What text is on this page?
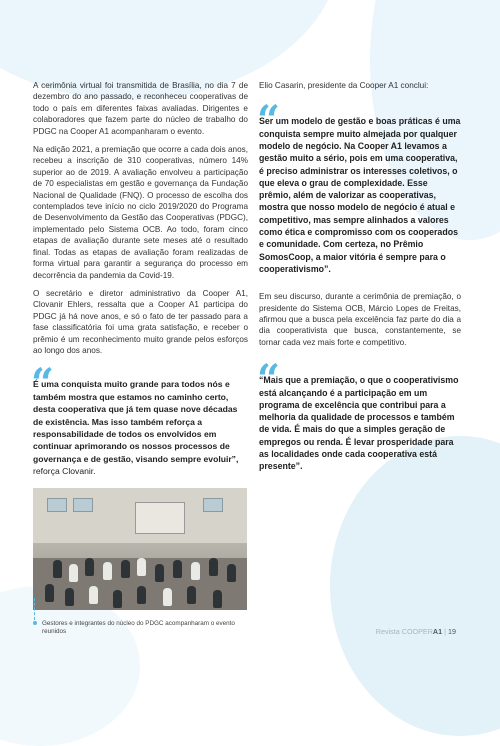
A cerimônia virtual foi transmitida de Brasília, no dia 7 de dezembro do ano passado, e reconheceu cooperativas de todo o país em diferentes faixas avaliadas. Dirigentes e colaboradores que fazem parte do núcleo de trabalho do PDGC na Cooper A1 acompanharam o evento.

Na edição 2021, a premiação que ocorre a cada dois anos, recebeu a inscrição de 310 cooperativas, número 14% superior ao de 2019. A avaliação envolveu a participação de 70 especialistas em gestão e governança da Fundação Nacional de Qualidade (FNQ). O processo de escolha dos contemplados teve início no ciclo 2019/2020 do Programa de Desenvolvimento da Gestão das Cooperativas (PDGC), implementado pelo Sistema OCB. Ao todo, foram cinco etapas de avaliação durante sete meses até o resultado final. Todas as etapas de avaliação foram realizadas de forma virtual para garantir a segurança do processo em decorrência da pandemia da Covid-19.

O secretário e diretor administrativo da Cooper A1, Clovanir Ehlers, ressalta que a Cooper A1 participa do PDGC já há nove anos, e só o fato de ter passado para a fase classificatória foi uma grata satisfação, e receber o prêmio é um reconhecimento muito grande pelos esforços ao longo dos anos.

“
É uma conquista muito grande para todos nós e também mostra que estamos no caminho certo, desta cooperativa que já tem quase nove décadas de existência. Mas isso também reforça a responsabilidade de todos os envolvidos em continuar aprimorando os nossos processos de governança e de gestão, visando sempre evoluir”, reforça Clovanir.
Gestores e integrantes do núcleo do PDGC acompanharam o evento reunidos

Elio Casarin, presidente da Cooper A1 conclui:

“
Ser um modelo de gestão e boas práticas é uma conquista sempre muito almejada por qualquer modelo de negócio. Na Cooper A1 levamos a gestão muito a sério, pois em uma cooperativa, é preciso administrar os interesses coletivos, o que eleva o grau de complexidade. Esse prêmio, além de valorizar as cooperativas, mostra que nosso modelo de negócio é atual e competitivo, mas sempre alinhados a valores como ética e compromisso com os cooperados e comunidade. Com certeza, no Prêmio SomosCoop, a maior vitória é sempre para o cooperativismo”.

Em seu discurso, durante a cerimônia de premiação, o presidente do Sistema OCB, Márcio Lopes de Freitas, afirmou que a busca pela excelência faz parte do dia a dia cooperativista que busca, constantemente, se tornar cada vez mais forte e competitivo.

“
“Mais que a premiação, o que o cooperativismo está alcançando é a participação em um programa de excelência que contribui para a melhoria da qualidade de processos e também de vida. É mais do que a simples geração de empregos ou renda. É levar prosperidade para as localidades onde cada cooperativa está presente”.
Revista COOPERA1 | 19
